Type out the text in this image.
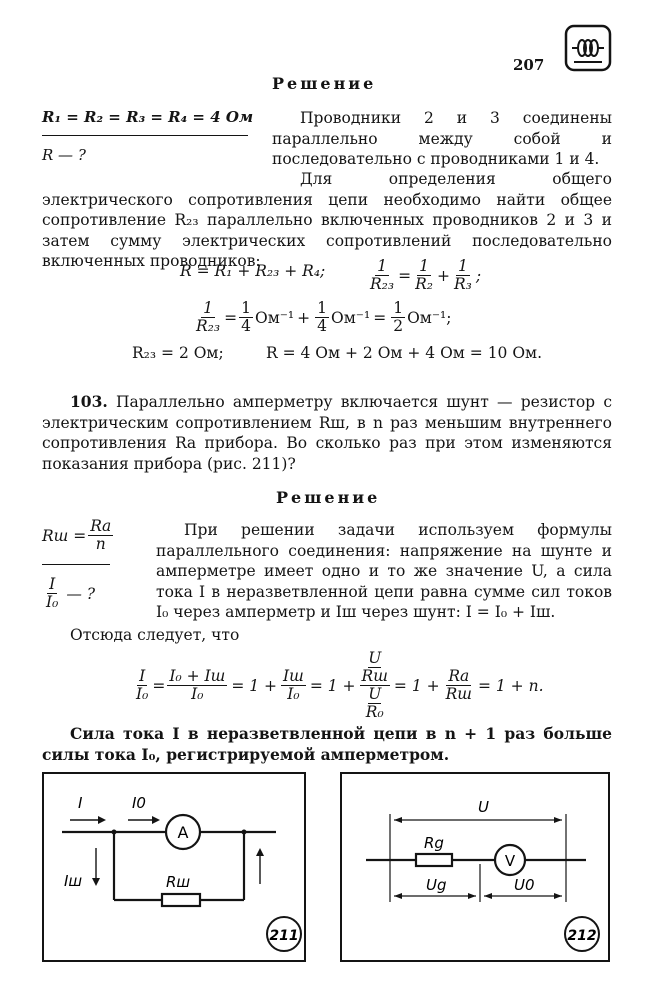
207
Решение
R₁ = R₂ = R₃ = R₄ = 4 Ом
R — ?
Проводники 2 и 3 соединены параллельно между собой и последовательно с проводниками 1 и 4.
Для определения общего электрического сопротивления цепи необходимо найти общее сопротивление R₂₃ параллельно включенных проводников 2 и 3 и затем сумму электрических сопротивлений последовательно включенных проводников:
R = R₁ + R₂₃ + R₄;	$\frac{1}{\text{R₂₃}} = \frac{1}{\text{R₂}} + \frac{1}{\text{R₃}}$ ;
$\frac{1}{\text{R₂₃}} = \frac{1}{4} Ом^{-1} + \frac{1}{4} Ом^{-1} = \frac{1}{2} Ом^{-1}$;
R₂₃ = 2 Ом;	R = 4 Ом + 2 Ом + 4 Ом = 10 Ом.
103. Параллельно амперметру включается шунт — резистор с электрическим сопротивлением Rш, в n раз меньшим внутреннего сопротивления Rа прибора. Во сколько раз при этом изменяются показания прибора (рис. 211)?
Решение
Rш = $\frac{Rа}{n}$
$\frac{I}{\text{I₀}}$ — ?
При решении задачи используем формулы параллельного соединения: напряжение на шунте и амперметре имеет одно и то же значение U, а сила тока I в неразветвленной цепи равна сумме сил токов I₀ через амперметр и Iш через шунт: I = I₀ + Iш.
Отсюда следует, что
$\frac{I}{\text{I₀}} = \frac{\text{I₀ + Iш}}{\text{I₀}} = 1 + \frac{Iш}{\text{I₀}} = 1 + U$
Rш
U
$R_0 = 1 + \frac{Rа}{Rш} = 1 + n$.
Сила тока I в неразветвленной цепи в n + 1 раз больше силы тока I₀, регистрируемой амперметром.
A
I	I0
Iш	Rш
211
V
U
Rg
Ug	U0
212
